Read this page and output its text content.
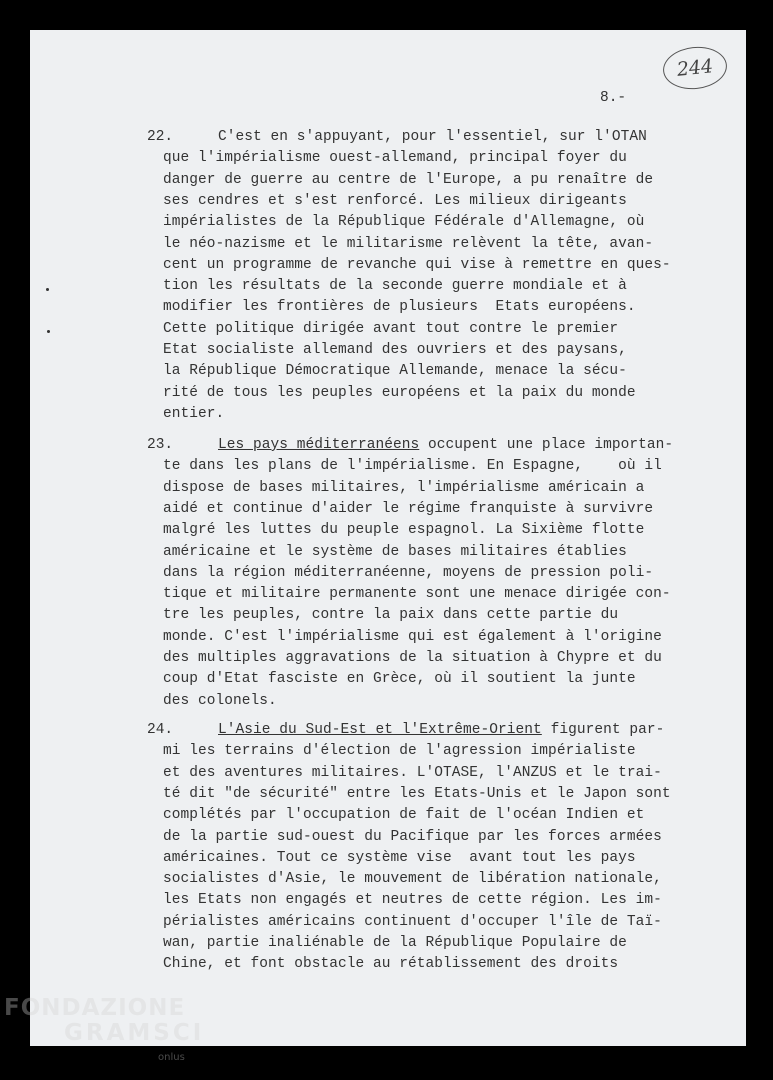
244
8.-
22.	C'est en s'appuyant, pour l'essentiel, sur l'OTAN
que l'impérialisme ouest-allemand, principal foyer du
danger de guerre au centre de l'Europe, a pu renaître de
ses cendres et s'est renforcé. Les milieux dirigeants
impérialistes de la République Fédérale d'Allemagne, où
le néo-nazisme et le militarisme relèvent la tête, avan-
cent un programme de revanche qui vise à remettre en ques-
tion les résultats de la seconde guerre mondiale et à
modifier les frontières de plusieurs  Etats européens.
Cette politique dirigée avant tout contre le premier
Etat socialiste allemand des ouvriers et des paysans,
la République Démocratique Allemande, menace la sécu-
rité de tous les peuples européens et la paix du monde
entier.
23.	Les pays méditerranéens occupent une place importan-
te dans les plans de l'impérialisme. En Espagne,    où il
dispose de bases militaires, l'impérialisme américain a
aidé et continue d'aider le régime franquiste à survivre
malgré les luttes du peuple espagnol. La Sixième flotte
américaine et le système de bases militaires établies
dans la région méditerranéenne, moyens de pression poli-
tique et militaire permanente sont une menace dirigée con-
tre les peuples, contre la paix dans cette partie du
monde. C'est l'impérialisme qui est également à l'origine
des multiples aggravations de la situation à Chypre et du
coup d'Etat fasciste en Grèce, où il soutient la junte
des colonels.
24.	L'Asie du Sud-Est et l'Extrême-Orient figurent par-
mi les terrains d'élection de l'agression impérialiste
et des aventures militaires. L'OTASE, l'ANZUS et le trai-
té dit "de sécurité" entre les Etats-Unis et le Japon sont
complétés par l'occupation de fait de l'océan Indien et
de la partie sud-ouest du Pacifique par les forces armées
américaines. Tout ce système vise  avant tout les pays
socialistes d'Asie, le mouvement de libération nationale,
les Etats non engagés et neutres de cette région. Les im-
périalistes américains continuent d'occuper l'île de Taï-
wan, partie inaliénable de la République Populaire de
Chine, et font obstacle au rétablissement des droits
FONDAZIONE
GRAMSCI
onlus
